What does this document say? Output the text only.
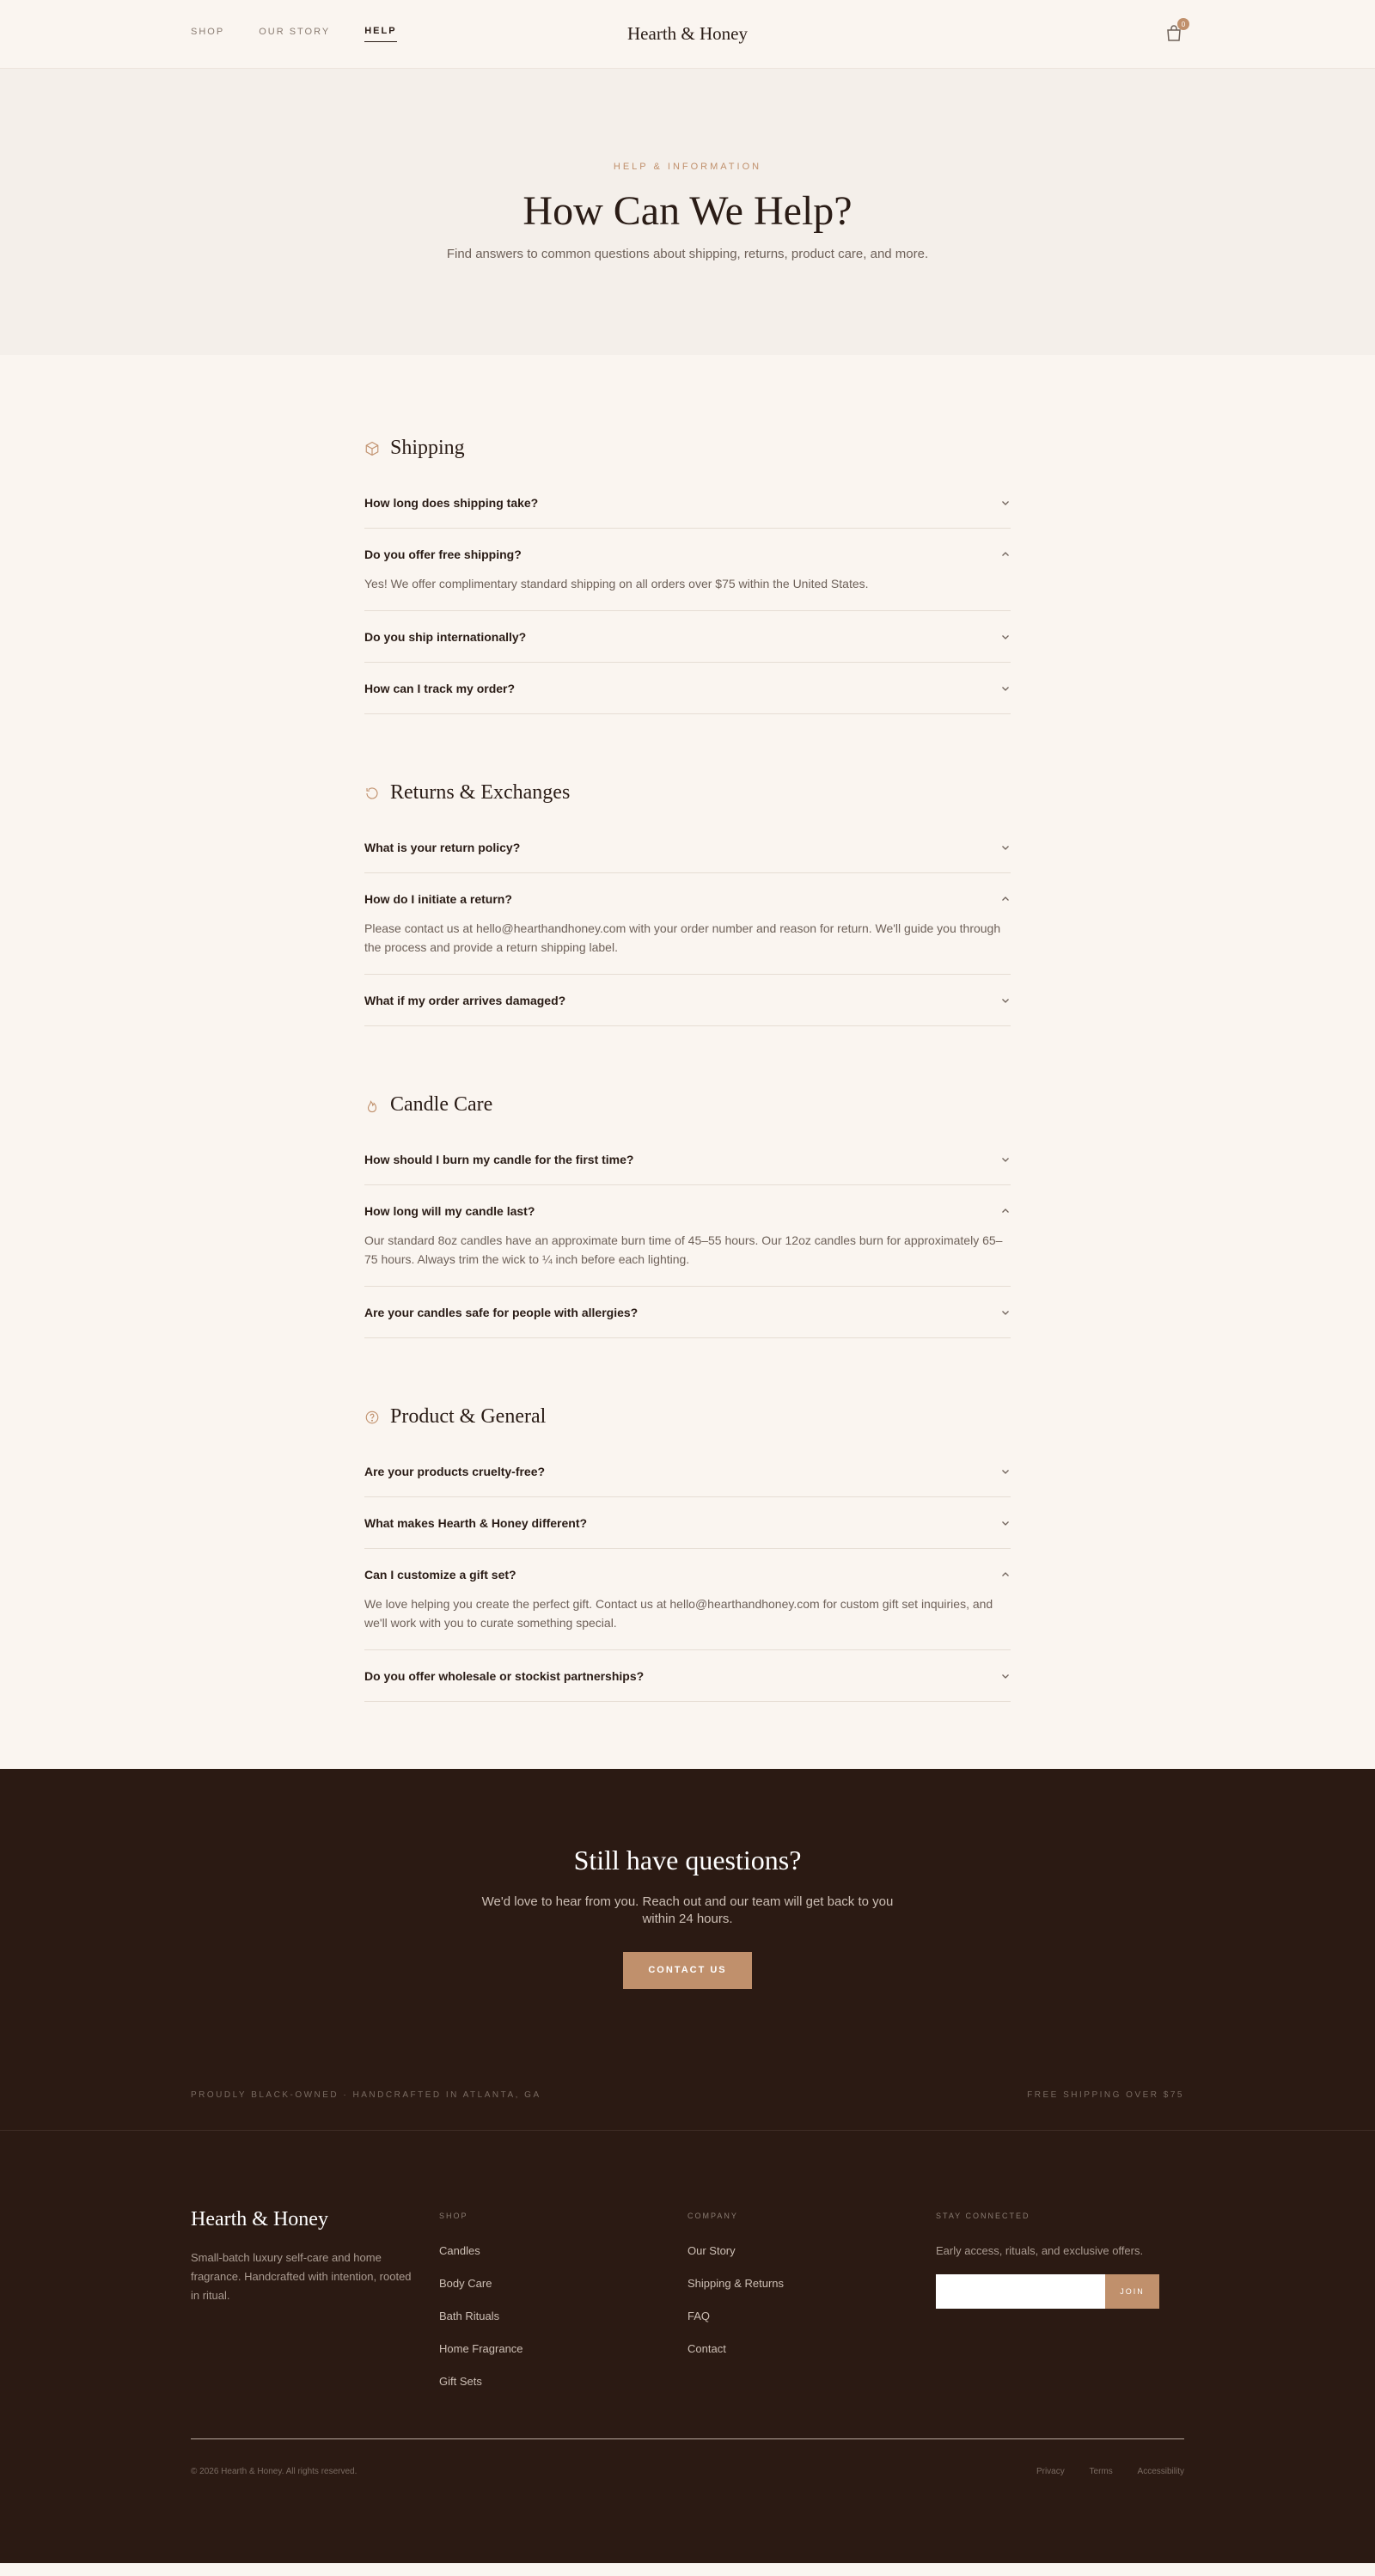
SHOP	OUR STORY	HELP	Hearth & Honey	0
HELP & INFORMATION
How Can We Help?

Find answers to common questions about shipping, returns, product care, and more.

Shipping
How long does shipping take?
Do you offer free shipping?
Yes! We offer complimentary standard shipping on all orders over $75 within the United States.
Do you ship internationally?
How can I track my order?
Returns & Exchanges
What is your return policy?
How do I initiate a return?
Please contact us at hello@hearthandhoney.com with your order number and reason for return. We'll guide you through the process and provide a return shipping label.
What if my order arrives damaged?
Candle Care
How should I burn my candle for the first time?
How long will my candle last?
Our standard 8oz candles have an approximate burn time of 45–55 hours. Our 12oz candles burn for approximately 65–75 hours. Always trim the wick to ¼ inch before each lighting.
Are your candles safe for people with allergies?
Product & General
Are your products cruelty-free?
What makes Hearth & Honey different?
Can I customize a gift set?
We love helping you create the perfect gift. Contact us at hello@hearthandhoney.com for custom gift set inquiries, and we'll work with you to curate something special.
Do you offer wholesale or stockist partnerships?
Still have questions?

We'd love to hear from you. Reach out and our team will get back to you within 24 hours.

CONTACT US
PROUDLY BLACK-OWNED · HANDCRAFTED IN ATLANTA, GA	FREE SHIPPING OVER $75
Hearth & Honey
Small-batch luxury self-care and home fragrance. Handcrafted with intention, rooted in ritual.
SHOP
Candles
Body Care
Bath Rituals
Home Fragrance
Gift Sets
COMPANY
Our Story
Shipping & Returns
FAQ
Contact
STAY CONNECTED
Early access, rituals, and exclusive offers.
JOIN
© 2026 Hearth & Honey. All rights reserved.	Privacy	Terms	Accessibility
